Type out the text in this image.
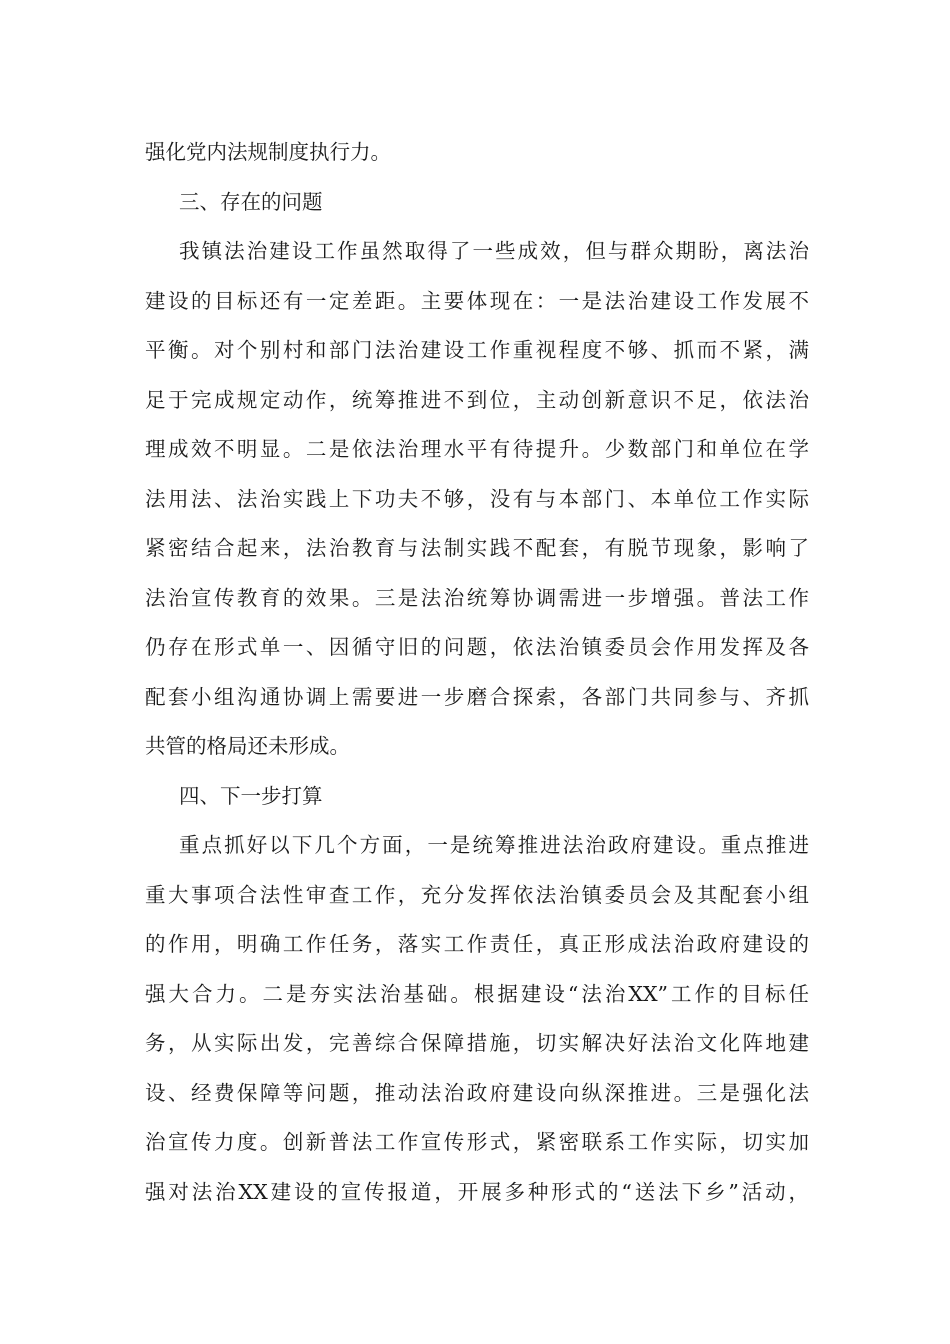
强化党内法规制度执行力。
三、存在的问题
我镇法治建设工作虽然取得了一些成效，但与群众期盼，离法治
建设的目标还有一定差距。主要体现在：一是法治建设工作发展不
平衡。对个别村和部门法治建设工作重视程度不够、抓而不紧，满
足于完成规定动作，统筹推进不到位，主动创新意识不足，依法治
理成效不明显。二是依法治理水平有待提升。少数部门和单位在学
法用法、法治实践上下功夫不够，没有与本部门、本单位工作实际
紧密结合起来，法治教育与法制实践不配套，有脱节现象，影响了
法治宣传教育的效果。三是法治统筹协调需进一步增强。普法工作
仍存在形式单一、因循守旧的问题，依法治镇委员会作用发挥及各
配套小组沟通协调上需要进一步磨合探索，各部门共同参与、齐抓
共管的格局还未形成。
四、下一步打算
重点抓好以下几个方面，一是统筹推进法治政府建设。重点推进
重大事项合法性审查工作，充分发挥依法治镇委员会及其配套小组
的作用，明确工作任务，落实工作责任，真正形成法治政府建设的
强大合力。二是夯实法治基础。根据建设“法治XX”工作的目标任
务，从实际出发，完善综合保障措施，切实解决好法治文化阵地建
设、经费保障等问题，推动法治政府建设向纵深推进。三是强化法
治宣传力度。创新普法工作宣传形式，紧密联系工作实际，切实加
强对法治XX建设的宣传报道，开展多种形式的“送法下乡”活动，
